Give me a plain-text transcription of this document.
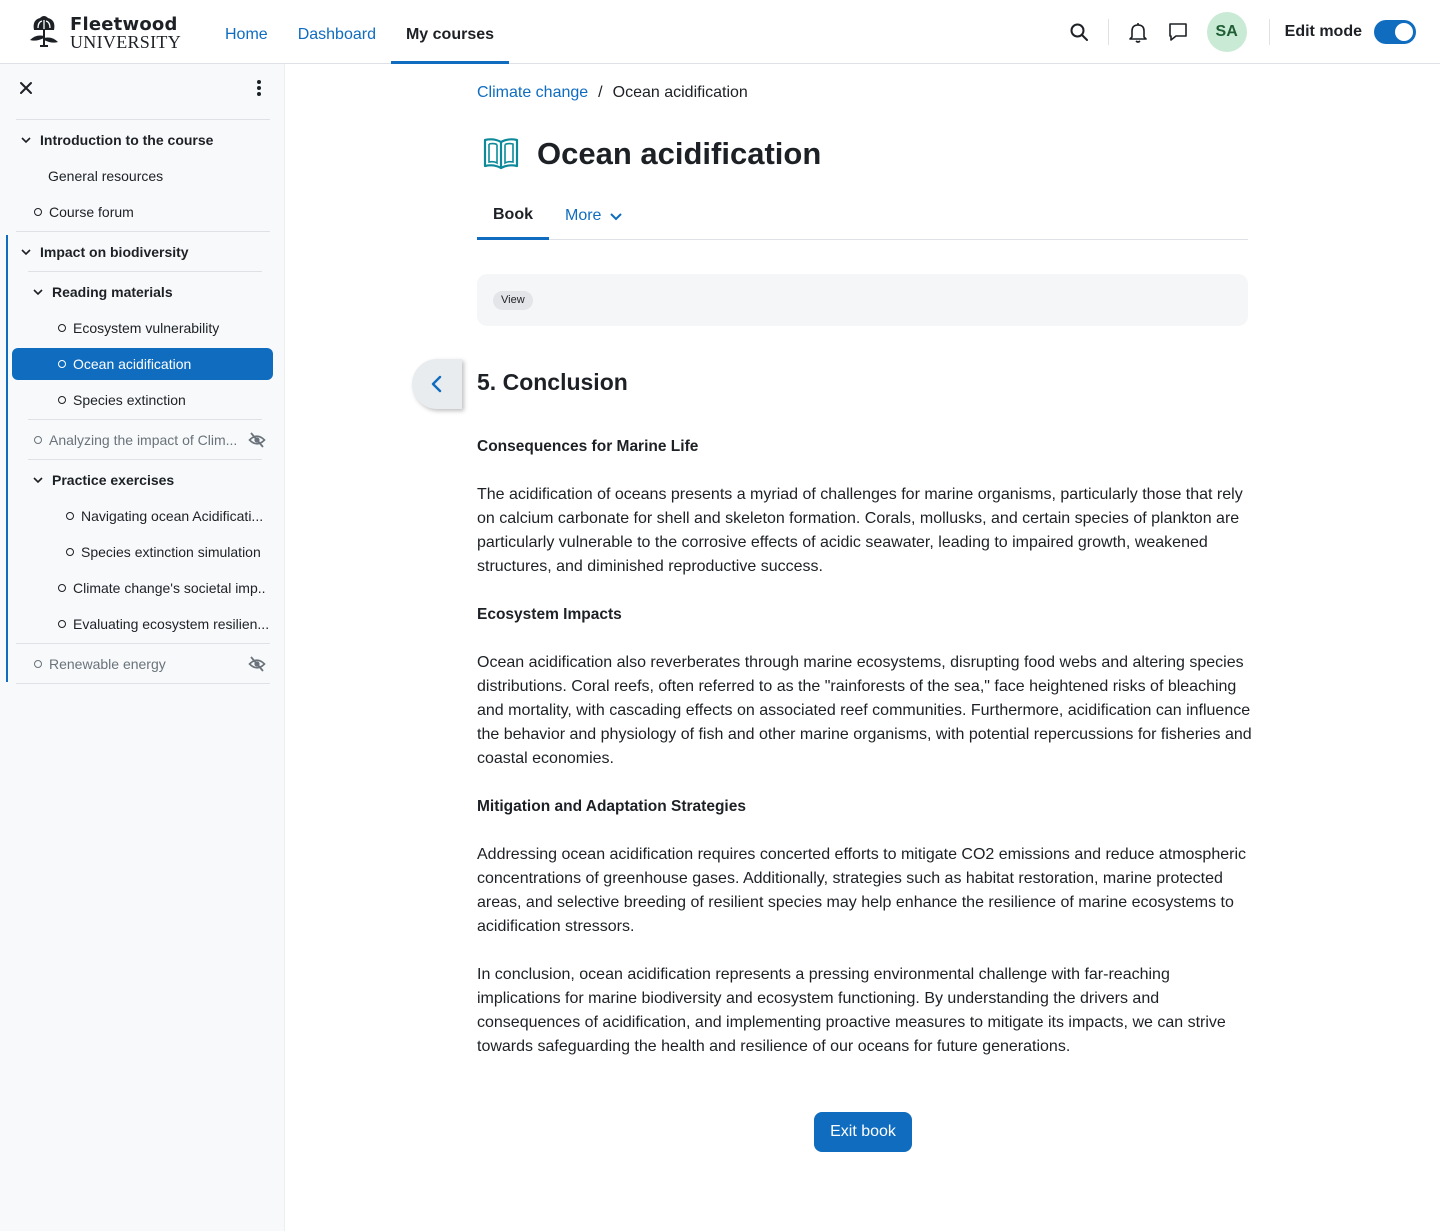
Fleetwood
UNIVERSITY	Home	Dashboard	My courses	SA	Edit mode
Introduction to the course
General resources
Course forum
Impact on biodiversity
Reading materials
Ecosystem vulnerability
Ocean acidification
Species extinction
Analyzing the impact of Clim...
Practice exercises
Navigating ocean Acidificati...
Species extinction simulation
Climate change's societal imp..
Evaluating ecosystem resilien...
Renewable energy
Climate change / Ocean acidification
Ocean acidification
Book	More
View
5. Conclusion
Consequences for Marine Life

The acidification of oceans presents a myriad of challenges for marine organisms, particularly those that rely on calcium carbonate for shell and skeleton formation. Corals, mollusks, and certain species of plankton are particularly vulnerable to the corrosive effects of acidic seawater, leading to impaired growth, weakened structures, and diminished reproductive success.

Ecosystem Impacts

Ocean acidification also reverberates through marine ecosystems, disrupting food webs and altering species distributions. Coral reefs, often referred to as the "rainforests of the sea," face heightened risks of bleaching and mortality, with cascading effects on associated reef communities. Furthermore, acidification can influence the behavior and physiology of fish and other marine organisms, with potential repercussions for fisheries and coastal economies.

Mitigation and Adaptation Strategies

Addressing ocean acidification requires concerted efforts to mitigate CO2 emissions and reduce atmospheric concentrations of greenhouse gases. Additionally, strategies such as habitat restoration, marine protected areas, and selective breeding of resilient species may help enhance the resilience of marine ecosystems to acidification stressors.

In conclusion, ocean acidification represents a pressing environmental challenge with far-reaching implications for marine biodiversity and ecosystem functioning. By understanding the drivers and consequences of acidification, and implementing proactive measures to mitigate its impacts, we can strive towards safeguarding the health and resilience of our oceans for future generations.

Exit book
